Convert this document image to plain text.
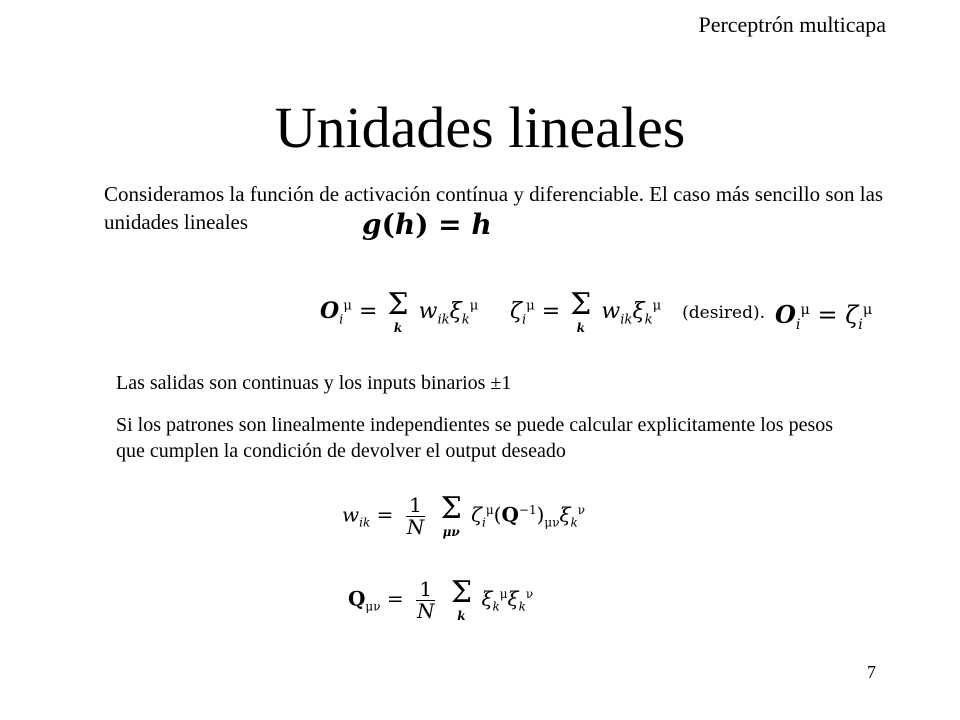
Perceptrón multicapa
Unidades lineales
Consideramos la función de activación contínua y diferenciable. El caso más sencillo son las unidades lineales	g(h) = h
$O_i^\mu = \Sigma$
k
$w_{ik}\xi_k^\mu$ $\zeta_i^\mu = \Sigma$
k
$w_{ik}\xi_k^\mu$ (desired). $O_i^\mu = \zeta_i^\mu$
Las salidas son continuas y los inputs binarios ±1
Si los patrones son linealmente independientes se puede calcular explicitamente los pesos que cumplen la condición de devolver el output deseado
$w_{ik} = \frac{1}{N}$
Σ
μν
$\zeta_i^\mu(Q^{-1})_{\mu\nu}\xi_k^\nu$
$Q_{\mu\nu} = \frac{1}{N}$
Σ
k
$\xi_k^\mu\xi_k^\nu$
7
